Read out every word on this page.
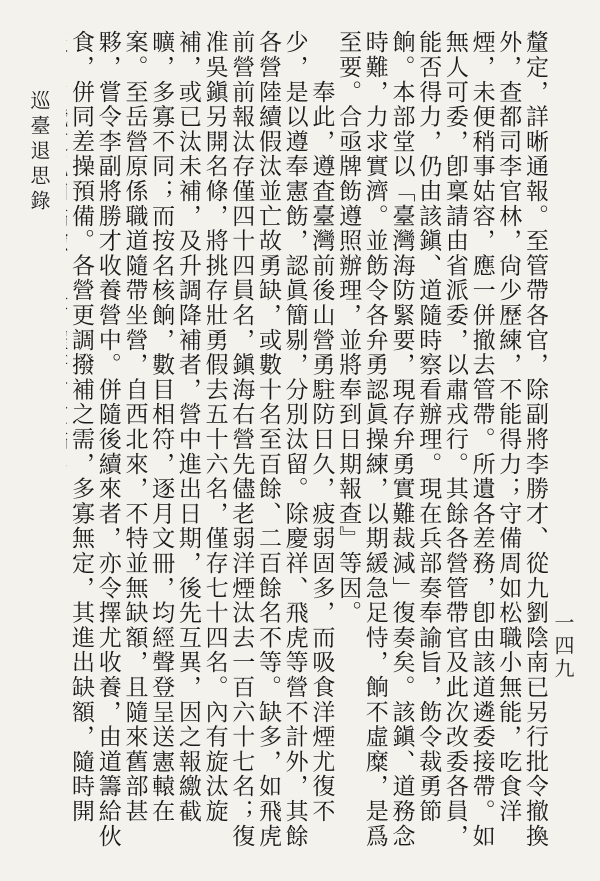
釐定，詳晰通報。至管帶各官，除副將李勝才、從九劉陰南已另行批令撤換外，查都司李官林，尙少歷練，不能得力；守備周如松職小無能，吃食洋煙，未便稍事姑容，應一併撤去管帶。所遺各差務，卽由該道遴委接帶。如無人可委，卽稟請由省派委，以肅戎行。其餘各營管帶官及此次改委各員，能否得力，仍由該鎭、道隨時察看辦理。現在兵部奏奉諭旨，飭令裁勇節餉。本部堂以「臺灣海防緊要，現存弁勇實難裁減」復奏矣。該鎭、道務念時難，力求實濟。並飭令各弁勇認眞操練，以期緩急足恃，餉不虛糜，是爲至要。合亟牌飭遵照辦理，並將奉到日期報查』等因。

　　奉此，遵査臺灣前後山營勇駐防日久，疲弱固多，而吸食洋煙尤復不少，是以遵奉憲飭，認眞簡剔，分別汰留。除慶祥、飛虎等營不計外，其餘各營陸續假汰並亡故勇缺，或數十名至百餘、二百餘名不等。缺多，如飛虎前營前報汰存僅四十四員名，鎭海右營先儘老弱洋煙汰去一百六十七名；復准吳鎭另開名條，將挑存壯勇假去五十六名，僅存七十四名。內有旋汰旋補，或已汰未補，及升調降補者，營中進出日期，後先互異，因之報繳截曠，多寡不同；而按名核餉，數目相符，逐月文冊，均經聲登呈送憲轅在案。至岳營原係職道隨帶坐營，自西北來，不特並無缺額，且隨來舊部甚夥，嘗令李副將勝才收養營中。併隨後續來者，亦令擇尤收養，由道籌給伙食，併同差操預備。各營更調撥補之需，多寡無定，其進出缺額，隨時開

巡臺退思錄
一四九
